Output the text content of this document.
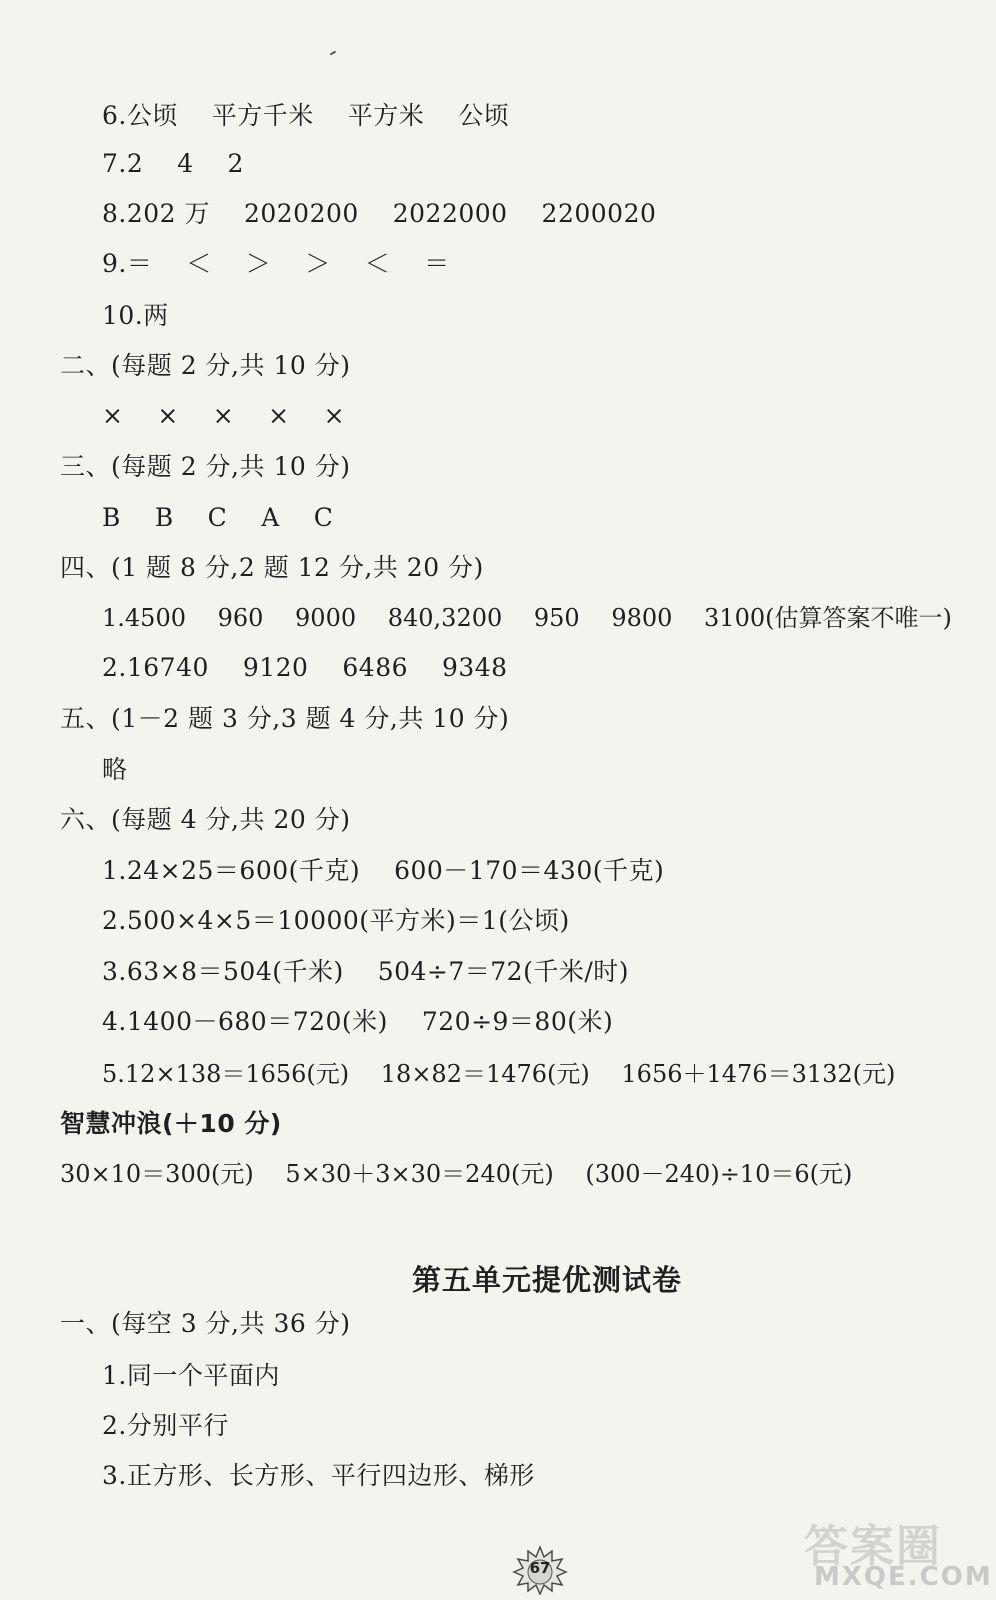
6.公顷　 平方千米　 平方米　 公顷
7.2　 4　 2
8.202 万　 2020200　 2022000　 2200020
9.＝　 ＜　 ＞　 ＞　 ＜　 ＝
10.两
二、(每题 2 分,共 10 分)
×　 ×　 ×　 ×　 ×
三、(每题 2 分,共 10 分)
B　 B　 C　 A　 C
四、(1 题 8 分,2 题 12 分,共 20 分)
1.4500　 960　 9000　 840,3200　 950　 9800　 3100(估算答案不唯一)
2.16740　 9120　 6486　 9348
五、(1－2 题 3 分,3 题 4 分,共 10 分)
略
六、(每题 4 分,共 20 分)
1.24×25＝600(千克)　 600－170＝430(千克)
2.500×4×5＝10000(平方米)＝1(公顷)
3.63×8＝504(千米)　 504÷7＝72(千米/时)
4.1400－680＝720(米)　 720÷9＝80(米)
5.12×138＝1656(元)　 18×82＝1476(元)　 1656＋1476＝3132(元)
智慧冲浪(＋10 分)
30×10＝300(元)　 5×30＋3×30＝240(元)　 (300－240)÷10＝6(元)
第五单元提优测试卷
一、(每空 3 分,共 36 分)
1.同一个平面内
2.分别平行
3.正方形、长方形、平行四边形、梯形
67	答案圈
MXQE.COM
